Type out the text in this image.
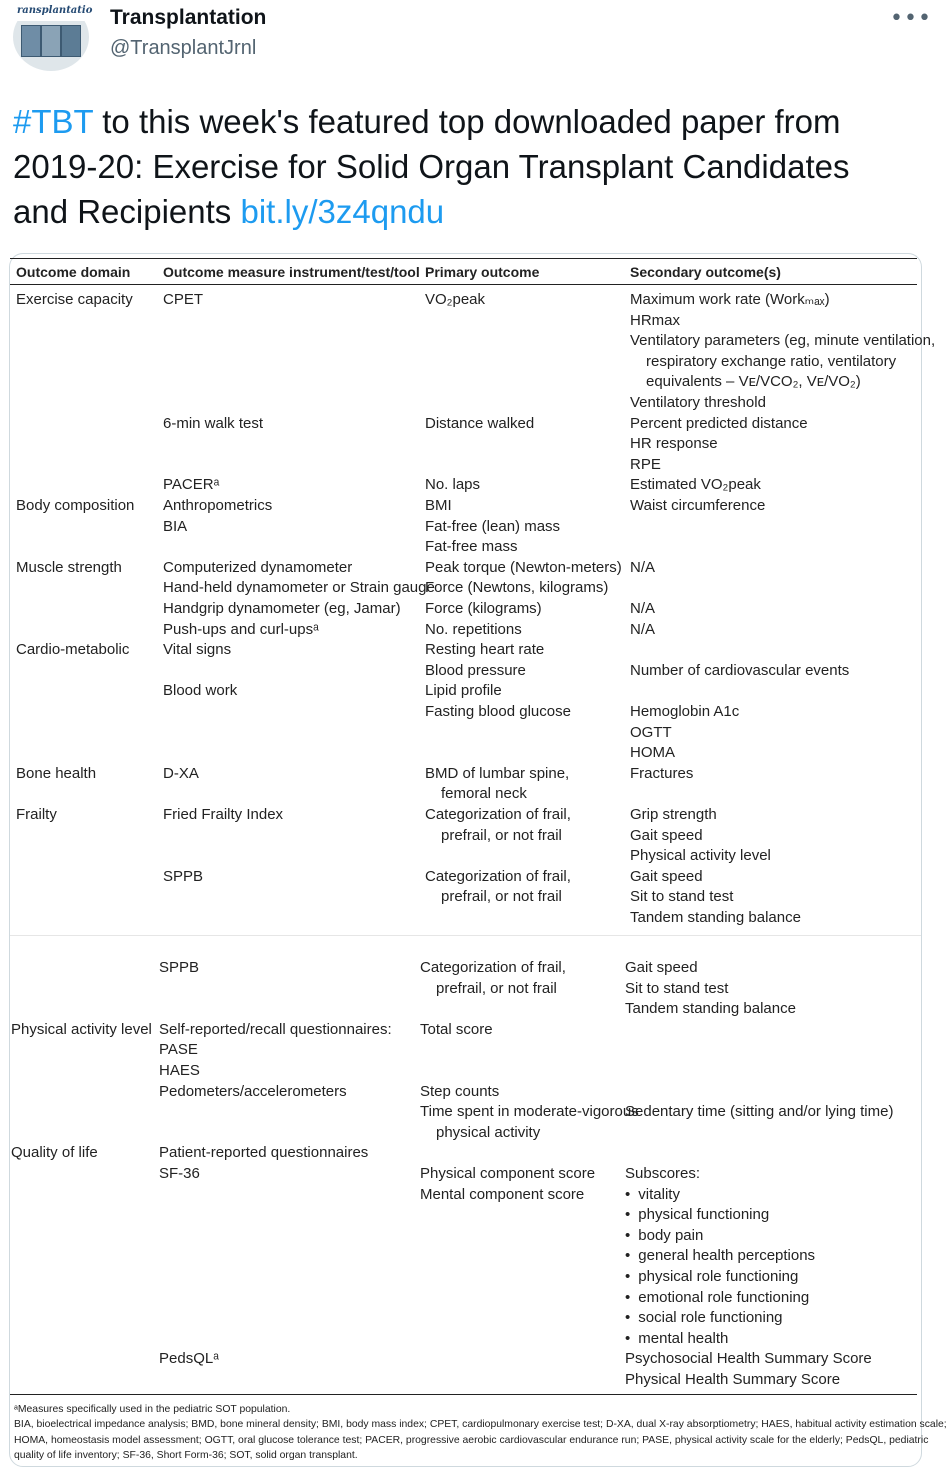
ransplantatio Transplantation
@TransplantJrnl
•••
#TBT to this week's featured top downloaded paper from 2019-20: Exercise for Solid Organ Transplant Candidates and Recipients bit.ly/3z4qndu
Outcome domain Outcome measure instrument/test/tool Primary outcome	Secondary outcome(s)
Exercise capacity CPET	VO₂peak	Maximum work rate (Workₘₐₓ)
HRmax
Ventilatory parameters (eg, minute ventilation,
respiratory exchange ratio, ventilatory
equivalents – Vᴇ/VCO₂, Vᴇ/VO₂)
Ventilatory threshold
6-min walk test	Distance walked	Percent predicted distance
HR response
RPE
PACERᵃ	No. laps	Estimated VO₂peak
Body composition Anthropometrics	BMI	Waist circumference
BIA	Fat-free (lean) mass
Fat-free mass
Muscle strength	Computerized dynamometer	Peak torque (Newton-meters) N/A
Hand-held dynamometer or Strain gauge
Force (Newtons, kilograms)
Handgrip dynamometer (eg, Jamar) Force (kilograms)	N/A
Push-ups and curl-upsᵃ	No. repetitions	N/A
Cardio-metabolic Vital signs	Resting heart rate
Blood pressure	Number of cardiovascular events
Blood work	Lipid profile
Fasting blood glucose	Hemoglobin A1c
OGTT
HOMA
Bone health	D-XA	BMD of lumbar spine,	Fractures
femoral neck
Frailty	Fried Frailty Index	Categorization of frail,	Grip strength
prefrail, or not frail	Gait speed
Physical activity level
SPPB	Categorization of frail,	Gait speed
prefrail, or not frail	Sit to stand test
Tandem standing balance
SPPB	Categorization of frail,	Gait speed
prefrail, or not frail	Sit to stand test
Tandem standing balance
Physical activity level Self-reported/recall questionnaires: Total score
PASE
HAES
Pedometers/accelerometers	Step counts
Time spent in moderate-vigorous
Sedentary time (sitting and/or lying time)
physical activity
Quality of life	Patient-reported questionnaires
SF-36	Physical component score Subscores:
Mental component score
•	vitality
• physical functioning
• body pain
• general health perceptions
• physical role functioning
• emotional role functioning
• social role functioning
• mental health
PedsQLᵃ	Psychosocial Health Summary Score
Physical Health Summary Score
ᵃMeasures specifically used in the pediatric SOT population.
BIA, bioelectrical impedance analysis; BMD, bone mineral density; BMI, body mass index; CPET, cardiopulmonary exercise test; D-XA, dual X-ray absorptiometry; HAES, habitual activity estimation scale;
HOMA, homeostasis model assessment; OGTT, oral glucose tolerance test; PACER, progressive aerobic cardiovascular endurance run; PASE, physical activity scale for the elderly; PedsQL, pediatric
quality of life inventory; SF-36, Short Form-36; SOT, solid organ transplant.
